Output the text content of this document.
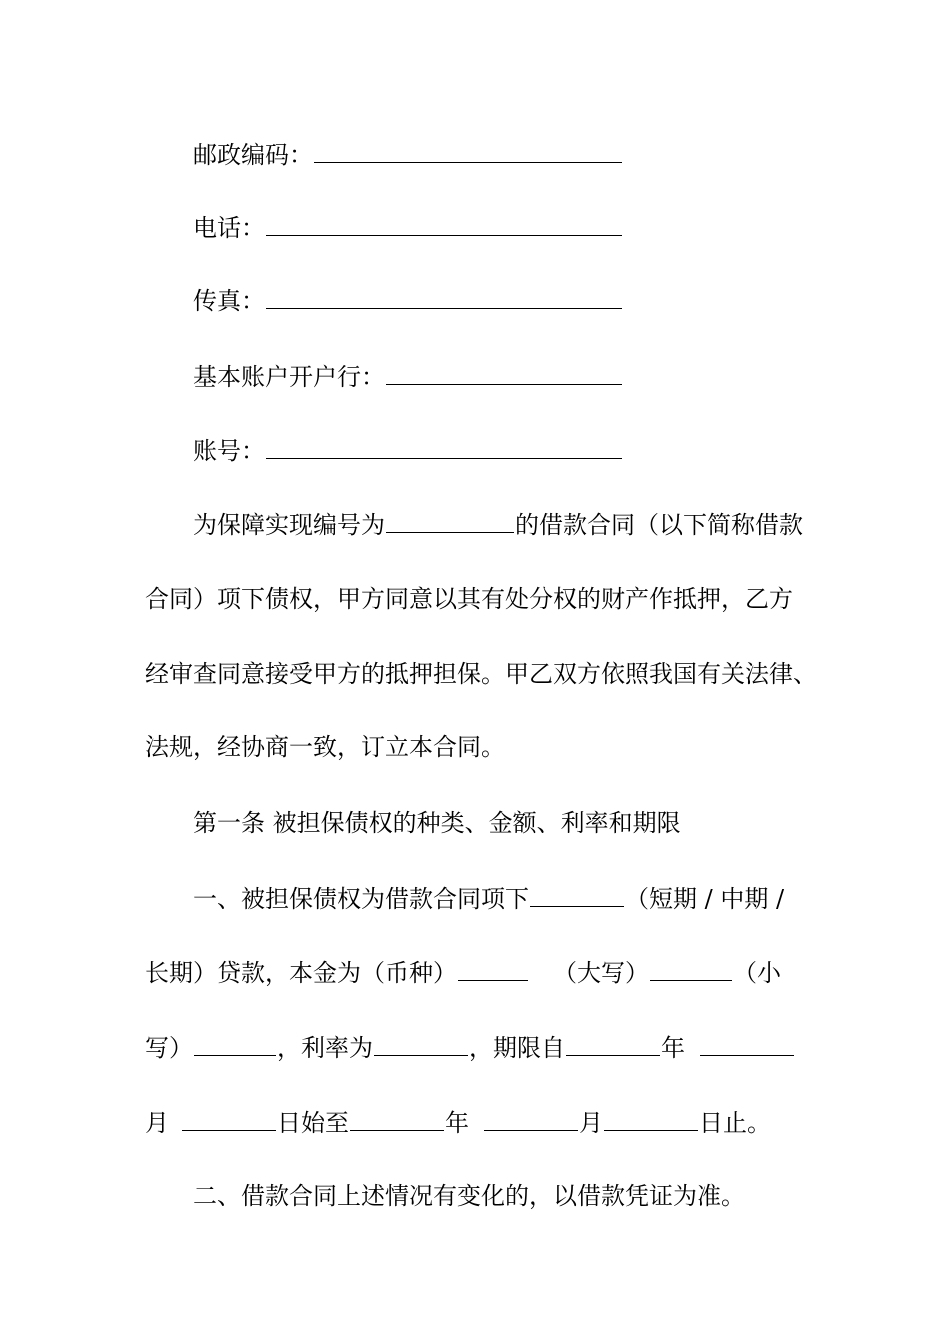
邮政编码：
电话：
传真：
基本账户开户行：
账号：
为保障实现编号为	的借款合同（以下简称借款
合同）项下债权，甲方同意以其有处分权的财产作抵押，乙方
经审查同意接受甲方的抵押担保。甲乙双方依照我国有关法律、
法规，经协商一致，订立本合同。
第一条 被担保债权的种类、金额、利率和期限
一、被担保债权为借款合同项下	（短期 / 中期 /
长期）贷款，本金为（币种）	（大写）	（小
写）	，利率为	，期限自	年
月	日始至	年	月	日止。
二、借款合同上述情况有变化的，以借款凭证为准。
